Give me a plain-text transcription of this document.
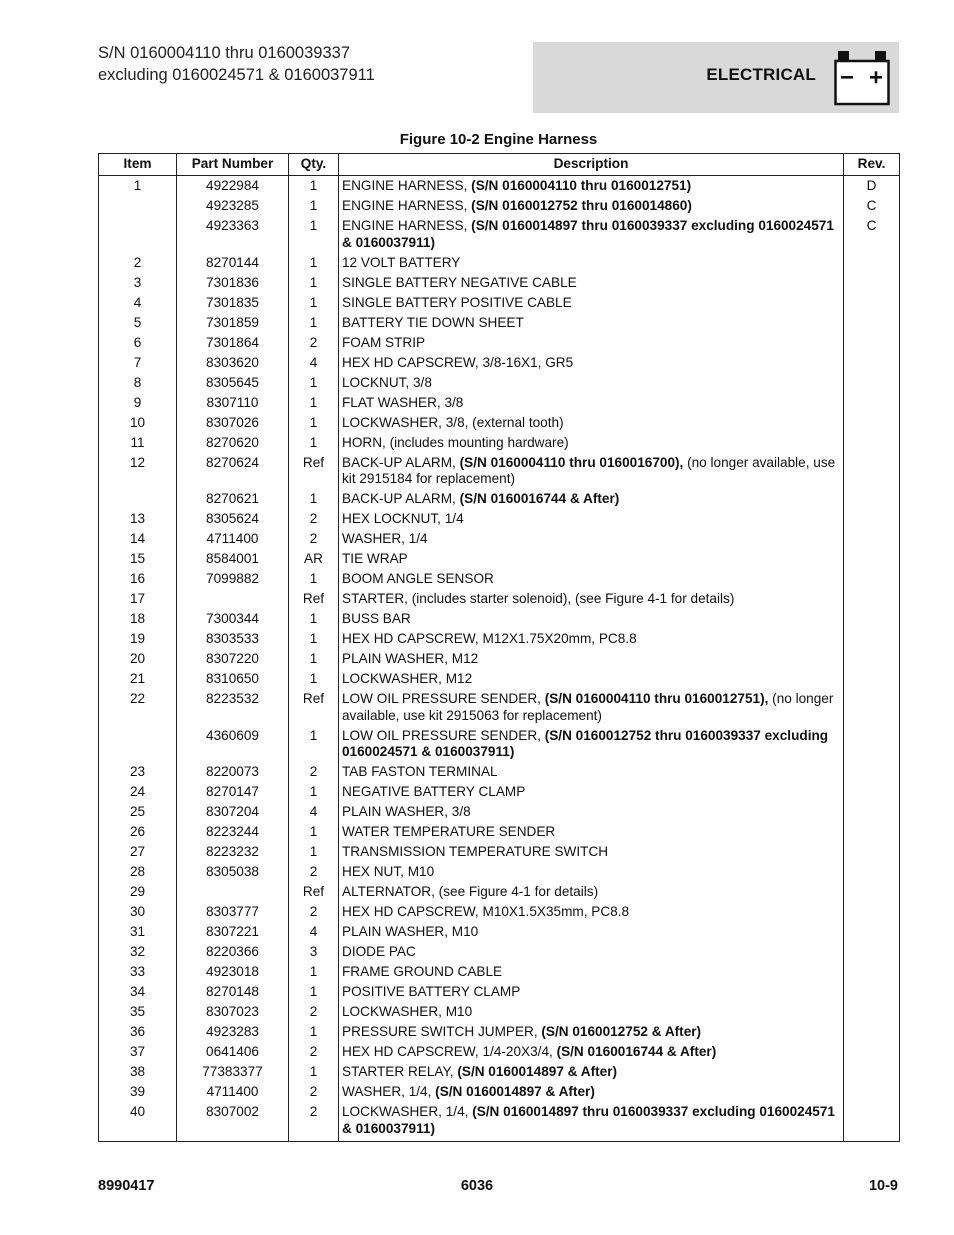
S/N 0160004110 thru 0160039337
excluding 0160024571 & 0160037911	ELECTRICAL
Figure 10-2 Engine Harness
Item	Part Number	Qty.	Description	Rev.
1	4922984	1	ENGINE HARNESS, (S/N 0160004110 thru 0160012751)	D
	4923285	1	ENGINE HARNESS, (S/N 0160012752 thru 0160014860)	C
	4923363	1	ENGINE HARNESS, (S/N 0160014897 thru 0160039337 excluding 0160024571 & 0160037911)	C
2	8270144	1	12 VOLT BATTERY	
3	7301836	1	SINGLE BATTERY NEGATIVE CABLE	
4	7301835	1	SINGLE BATTERY POSITIVE CABLE	
5	7301859	1	BATTERY TIE DOWN SHEET	
6	7301864	2	FOAM STRIP	
7	8303620	4	HEX HD CAPSCREW, 3/8-16X1, GR5	
8	8305645	1	LOCKNUT, 3/8	
9	8307110	1	FLAT WASHER, 3/8	
10	8307026	1	LOCKWASHER, 3/8, (external tooth)	
11	8270620	1	HORN, (includes mounting hardware)	
12	8270624	Ref	BACK-UP ALARM, (S/N 0160004110 thru 0160016700), (no longer available, use kit 2915184 for replacement)	
	8270621	1	BACK-UP ALARM, (S/N 0160016744 & After)	
13	8305624	2	HEX LOCKNUT, 1/4	
14	4711400	2	WASHER, 1/4	
15	8584001	AR	TIE WRAP	
16	7099882	1	BOOM ANGLE SENSOR	
17		Ref	STARTER, (includes starter solenoid), (see Figure 4-1 for details)	
18	7300344	1	BUSS BAR	
19	8303533	1	HEX HD CAPSCREW, M12X1.75X20mm, PC8.8	
20	8307220	1	PLAIN WASHER, M12	
21	8310650	1	LOCKWASHER, M12	
22	8223532	Ref	LOW OIL PRESSURE SENDER, (S/N 0160004110 thru 0160012751), (no longer available, use kit 2915063 for replacement)	
	4360609	1	LOW OIL PRESSURE SENDER, (S/N 0160012752 thru 0160039337 excluding 0160024571 & 0160037911)	
23	8220073	2	TAB FASTON TERMINAL	
24	8270147	1	NEGATIVE BATTERY CLAMP	
25	8307204	4	PLAIN WASHER, 3/8	
26	8223244	1	WATER TEMPERATURE SENDER	
27	8223232	1	TRANSMISSION TEMPERATURE SWITCH	
28	8305038	2	HEX NUT, M10	
29		Ref	ALTERNATOR, (see Figure 4-1 for details)	
30	8303777	2	HEX HD CAPSCREW, M10X1.5X35mm, PC8.8	
31	8307221	4	PLAIN WASHER, M10	
32	8220366	3	DIODE PAC	
33	4923018	1	FRAME GROUND CABLE	
34	8270148	1	POSITIVE BATTERY CLAMP	
35	8307023	2	LOCKWASHER, M10	
36	4923283	1	PRESSURE SWITCH JUMPER, (S/N 0160012752 & After)	
37	0641406	2	HEX HD CAPSCREW, 1/4-20X3/4, (S/N 0160016744 & After)	
38	77383377	1	STARTER RELAY, (S/N 0160014897 & After)	
39	4711400	2	WASHER, 1/4, (S/N 0160014897 & After)	
40	8307002	2	LOCKWASHER, 1/4, (S/N 0160014897 thru 0160039337 excluding 0160024571 & 0160037911)	
8990417	6036	10-9
